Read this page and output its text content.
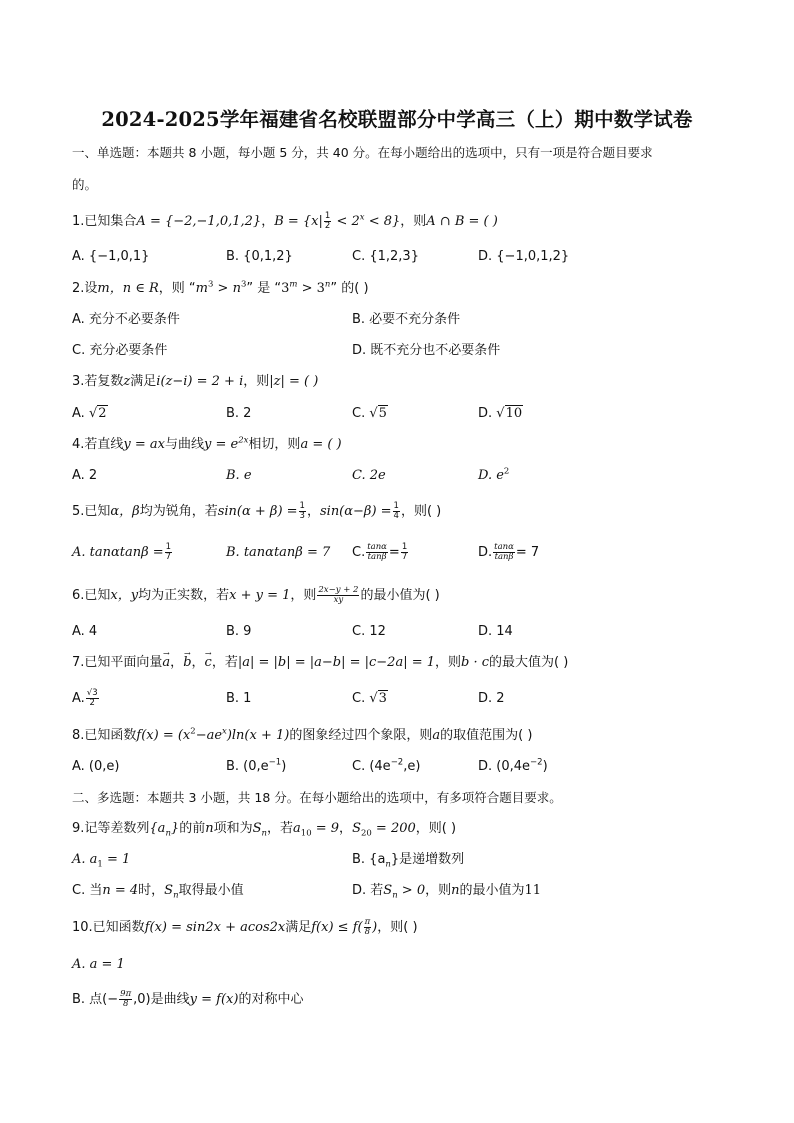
2024-2025学年福建省名校联盟部分中学高三（上）期中数学试卷
一、单选题：本题共 8 小题，每小题 5 分，共 40 分。在每小题给出的选项中，只有一项是符合题目要求
的。
1.已知集合A = {−2,−1,0,1,2}，$B = \{x| \frac{1}{2} < 2^x < 8\}$，则A ∩ B = ( )
A. {−1,0,1}	B. {0,1,2}	C. {1,2,3}	D. {−1,0,1,2}
2.设m，n ∈ R，则 “$m^3 > n^3$” 是 “$3^m > 3^n$” 的( )
A. 充分不必要条件	B. 必要不充分条件
C. 充分必要条件	D. 既不充分也不必要条件
3.若复数z满足i(z−i) = 2 + i，则|z| = ( )
A. √2	B. 2	C. √5	D. √10
4.若直线y = ax与曲线$y = e^{2x}$相切，则a = ( )
A. 2	B. e	C. 2e	D. $e^2$
5.已知α，β均为锐角，若$\sin(\alpha + \beta) = \frac{1}{3}$ ，$\sin(\alpha-\beta) = \frac{1}{4}$ ，则( )
A. $\tan\alpha\tan\beta = \frac{1}{7}$	B. tanαtanβ = 7 C. $\frac{\tan\alpha}{\tan\beta} = \frac{1}{7}$	D. $\frac{\tan\alpha}{\tan\beta} = 7$
6.已知x，y均为正实数，若x + y = 1，则 $\frac{2x-y + 2}{xy}$ 的最小值为( )
A. 4	B. 9	C. 12	D. 14
7.已知平面向量→ a，→ b，→ c，若|a| = |b| = |a−b| = |c−2a| = 1，则b · c的最大值为( )
A. $\frac{√3}{2}$	B. 1	C. √3	D. 2
8.已知函数$f(x) = (x^2-ae^x)\ln(x + 1)$的图象经过四个象限，则a的取值范围为( )
A. (0,e)	B. $(0,e^{-1})$	C. $(4e^{-2},e)$	D. $(0,4e^{-2})$
二、多选题：本题共 3 小题，共 18 分。在每小题给出的选项中，有多项符合题目要求。
9.记等差数列$\{a_n\}$的前n项和为$S_n$，若$a_{10} = 9$，$S_{20} = 200$，则( )
A. $a_1 = 1$	B. $\{a_n\}$是递增数列
C. 当n = 4时，$S_n$取得最小值	D. 若$S_n > 0$，则n的最小值为11
10.已知函数f(x) = sin2x + acos2x满足$f(x) \le f( \frac{\pi}{8}$ )，则( )
A. a = 1
B. 点(− $\frac{9\pi}{8} ,0$)是曲线y = f(x)的对称中心
